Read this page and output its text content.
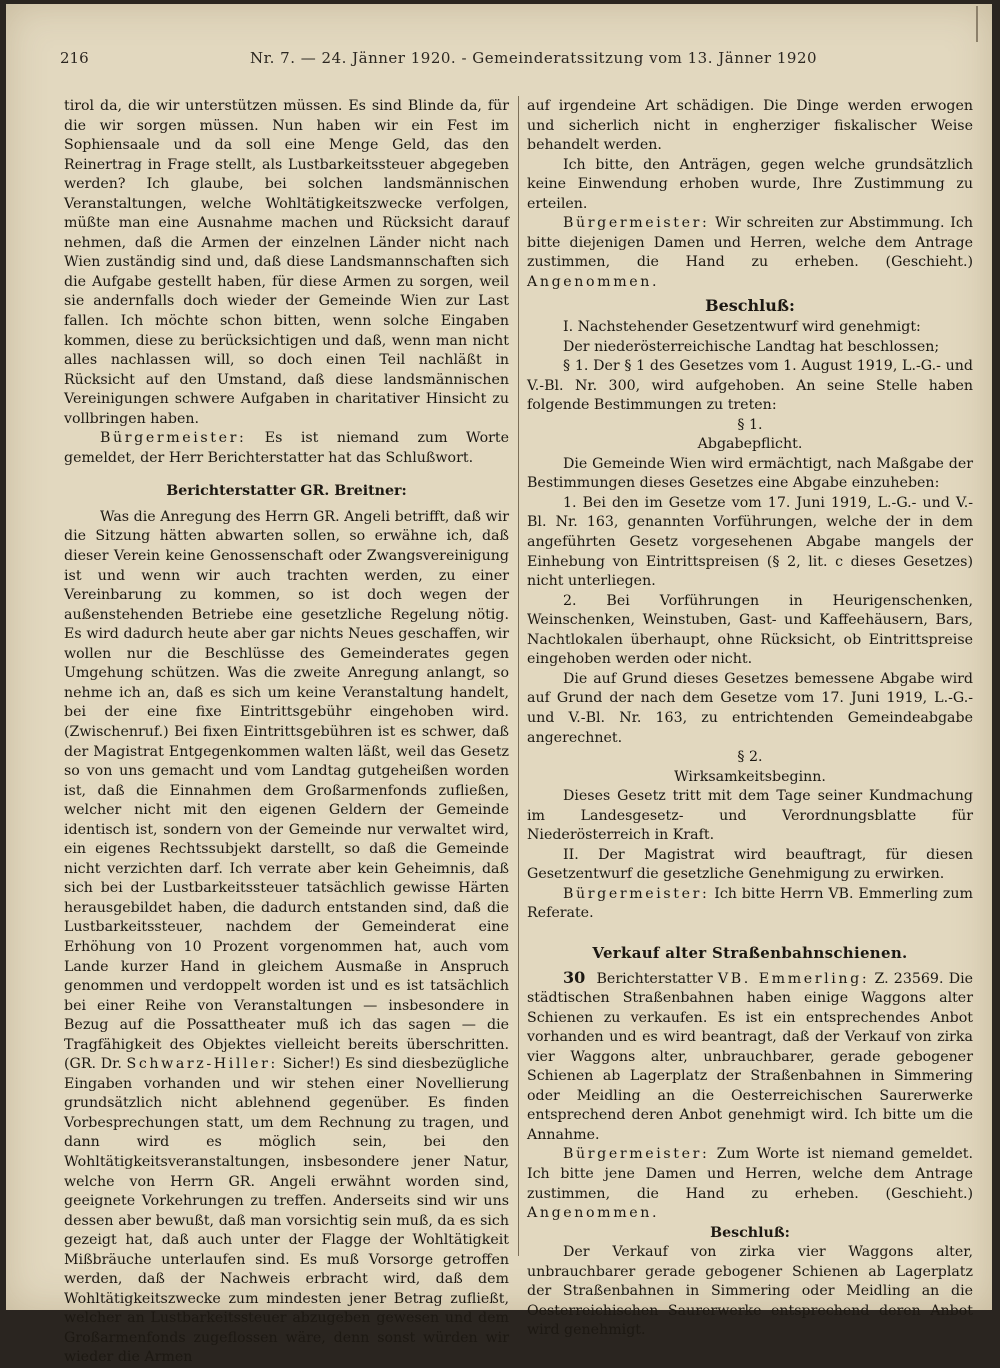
216	Nr. 7. — 24. Jänner 1920. - Gemeinderatssitzung vom 13. Jänner 1920

tirol da, die wir unterstützen müssen. Es sind Blinde da, für die wir sorgen müssen. Nun haben wir ein Fest im Sophiensaale und da soll eine Menge Geld, das den Reinertrag in Frage stellt, als Lustbarkeitssteuer abgegeben werden? Ich glaube, bei solchen landsmännischen Veranstaltungen, welche Wohltätigkeitszwecke verfolgen, müßte man eine Ausnahme machen und Rücksicht darauf nehmen, daß die Armen der einzelnen Länder nicht nach Wien zuständig sind und, daß diese Landsmannschaften sich die Aufgabe gestellt haben, für diese Armen zu sorgen, weil sie andernfalls doch wieder der Gemeinde Wien zur Last fallen. Ich möchte schon bitten, wenn solche Eingaben kommen, diese zu berücksichtigen und daß, wenn man nicht alles nachlassen will, so doch einen Teil nachläßt in Rücksicht auf den Umstand, daß diese landsmännischen Vereinigungen schwere Aufgaben in charitativer Hinsicht zu vollbringen haben.

Bürgermeister: Es ist niemand zum Worte gemeldet, der Herr Berichterstatter hat das Schlußwort.

Berichterstatter GR. Breitner:

Was die Anregung des Herrn GR. Angeli betrifft, daß wir die Sitzung hätten abwarten sollen, so erwähne ich, daß dieser Verein keine Genossenschaft oder Zwangsvereinigung ist und wenn wir auch trachten werden, zu einer Vereinbarung zu kommen, so ist doch wegen der außenstehenden Betriebe eine gesetzliche Regelung nötig. Es wird dadurch heute aber gar nichts Neues geschaffen, wir wollen nur die Beschlüsse des Gemeinderates gegen Umgehung schützen. Was die zweite Anregung anlangt, so nehme ich an, daß es sich um keine Veranstaltung handelt, bei der eine fixe Eintrittsgebühr eingehoben wird. (Zwischenruf.) Bei fixen Eintrittsgebühren ist es schwer, daß der Magistrat Entgegenkommen walten läßt, weil das Gesetz so von uns gemacht und vom Landtag gutgeheißen worden ist, daß die Einnahmen dem Großarmenfonds zufließen, welcher nicht mit den eigenen Geldern der Gemeinde identisch ist, sondern von der Gemeinde nur verwaltet wird, ein eigenes Rechtssubjekt darstellt, so daß die Gemeinde nicht verzichten darf. Ich verrate aber kein Geheimnis, daß sich bei der Lustbarkeitssteuer tatsächlich gewisse Härten herausgebildet haben, die dadurch entstanden sind, daß die Lustbarkeitssteuer, nachdem der Gemeinderat eine Erhöhung von 10 Prozent vorgenommen hat, auch vom Lande kurzer Hand in gleichem Ausmaße in Anspruch genommen und verdoppelt worden ist und es ist tatsächlich bei einer Reihe von Veranstaltungen — insbesondere in Bezug auf die Possattheater muß ich das sagen — die Tragfähigkeit des Objektes vielleicht bereits überschritten. (GR. Dr. Schwarz-Hiller: Sicher!) Es sind diesbezügliche Eingaben vorhanden und wir stehen einer Novellierung grundsätzlich nicht ablehnend gegenüber. Es finden Vorbesprechungen statt, um dem Rechnung zu tragen, und dann wird es möglich sein, bei den Wohltätigkeitsveranstaltungen, insbesondere jener Natur, welche von Herrn GR. Angeli erwähnt worden sind, geeignete Vorkehrungen zu treffen. Anderseits sind wir uns dessen aber bewußt, daß man vorsichtig sein muß, da es sich gezeigt hat, daß auch unter der Flagge der Wohltätigkeit Mißbräuche unterlaufen sind. Es muß Vorsorge getroffen werden, daß der Nachweis erbracht wird, daß dem Wohltätigkeitszwecke zum mindesten jener Betrag zufließt, welcher an Lustbarkeitssteuer abzugeben gewesen und dem Großarmenfonds zugeflossen wäre, denn sonst würden wir wieder die Armen

auf irgendeine Art schädigen. Die Dinge werden erwogen und sicherlich nicht in engherziger fiskalischer Weise behandelt werden.

Ich bitte, den Anträgen, gegen welche grundsätzlich keine Einwendung erhoben wurde, Ihre Zustimmung zu erteilen.

Bürgermeister: Wir schreiten zur Abstimmung. Ich bitte diejenigen Damen und Herren, welche dem Antrage zustimmen, die Hand zu erheben. (Geschieht.) Angenommen.

Beschluß:

I. Nachstehender Gesetzentwurf wird genehmigt:

Der niederösterreichische Landtag hat beschlossen;

§ 1. Der § 1 des Gesetzes vom 1. August 1919, L.-G.- und V.-Bl. Nr. 300, wird aufgehoben. An seine Stelle haben folgende Bestimmungen zu treten:

§ 1.

Abgabepflicht.

Die Gemeinde Wien wird ermächtigt, nach Maßgabe der Bestimmungen dieses Gesetzes eine Abgabe einzuheben:

1. Bei den im Gesetze vom 17. Juni 1919, L.-G.- und V.-Bl. Nr. 163, genannten Vorführungen, welche der in dem angeführten Gesetz vorgesehenen Abgabe mangels der Einhebung von Eintrittspreisen (§ 2, lit. c dieses Gesetzes) nicht unterliegen.

2. Bei Vorführungen in Heurigenschenken, Weinschenken, Weinstuben, Gast- und Kaffeehäusern, Bars, Nachtlokalen überhaupt, ohne Rücksicht, ob Eintrittspreise eingehoben werden oder nicht.

Die auf Grund dieses Gesetzes bemessene Abgabe wird auf Grund der nach dem Gesetze vom 17. Juni 1919, L.-G.- und V.-Bl. Nr. 163, zu entrichtenden Gemeindeabgabe angerechnet.

§ 2.

Wirksamkeitsbeginn.

Dieses Gesetz tritt mit dem Tage seiner Kundmachung im Landesgesetz- und Verordnungsblatte für Niederösterreich in Kraft.

II. Der Magistrat wird beauftragt, für diesen Gesetzentwurf die gesetzliche Genehmigung zu erwirken.

Bürgermeister: Ich bitte Herrn VB. Emmerling zum Referate.

Verkauf alter Straßenbahnschienen.

30 Berichterstatter VB. Emmerling: Z. 23569. Die städtischen Straßenbahnen haben einige Waggons alter Schienen zu verkaufen. Es ist ein entsprechendes Anbot vorhanden und es wird beantragt, daß der Verkauf von zirka vier Waggons alter, unbrauchbarer, gerade gebogener Schienen ab Lagerplatz der Straßenbahnen in Simmering oder Meidling an die Oesterreichischen Saurerwerke entsprechend deren Anbot genehmigt wird. Ich bitte um die Annahme.

Bürgermeister: Zum Worte ist niemand gemeldet. Ich bitte jene Damen und Herren, welche dem Antrage zustimmen, die Hand zu erheben. (Geschieht.) Angenommen.

Beschluß:

Der Verkauf von zirka vier Waggons alter, unbrauchbarer gerade gebogener Schienen ab Lagerplatz der Straßenbahnen in Simmering oder Meidling an die Oesterreichischen Saurerwerke entsprechend deren Anbot wird genehmigt.
